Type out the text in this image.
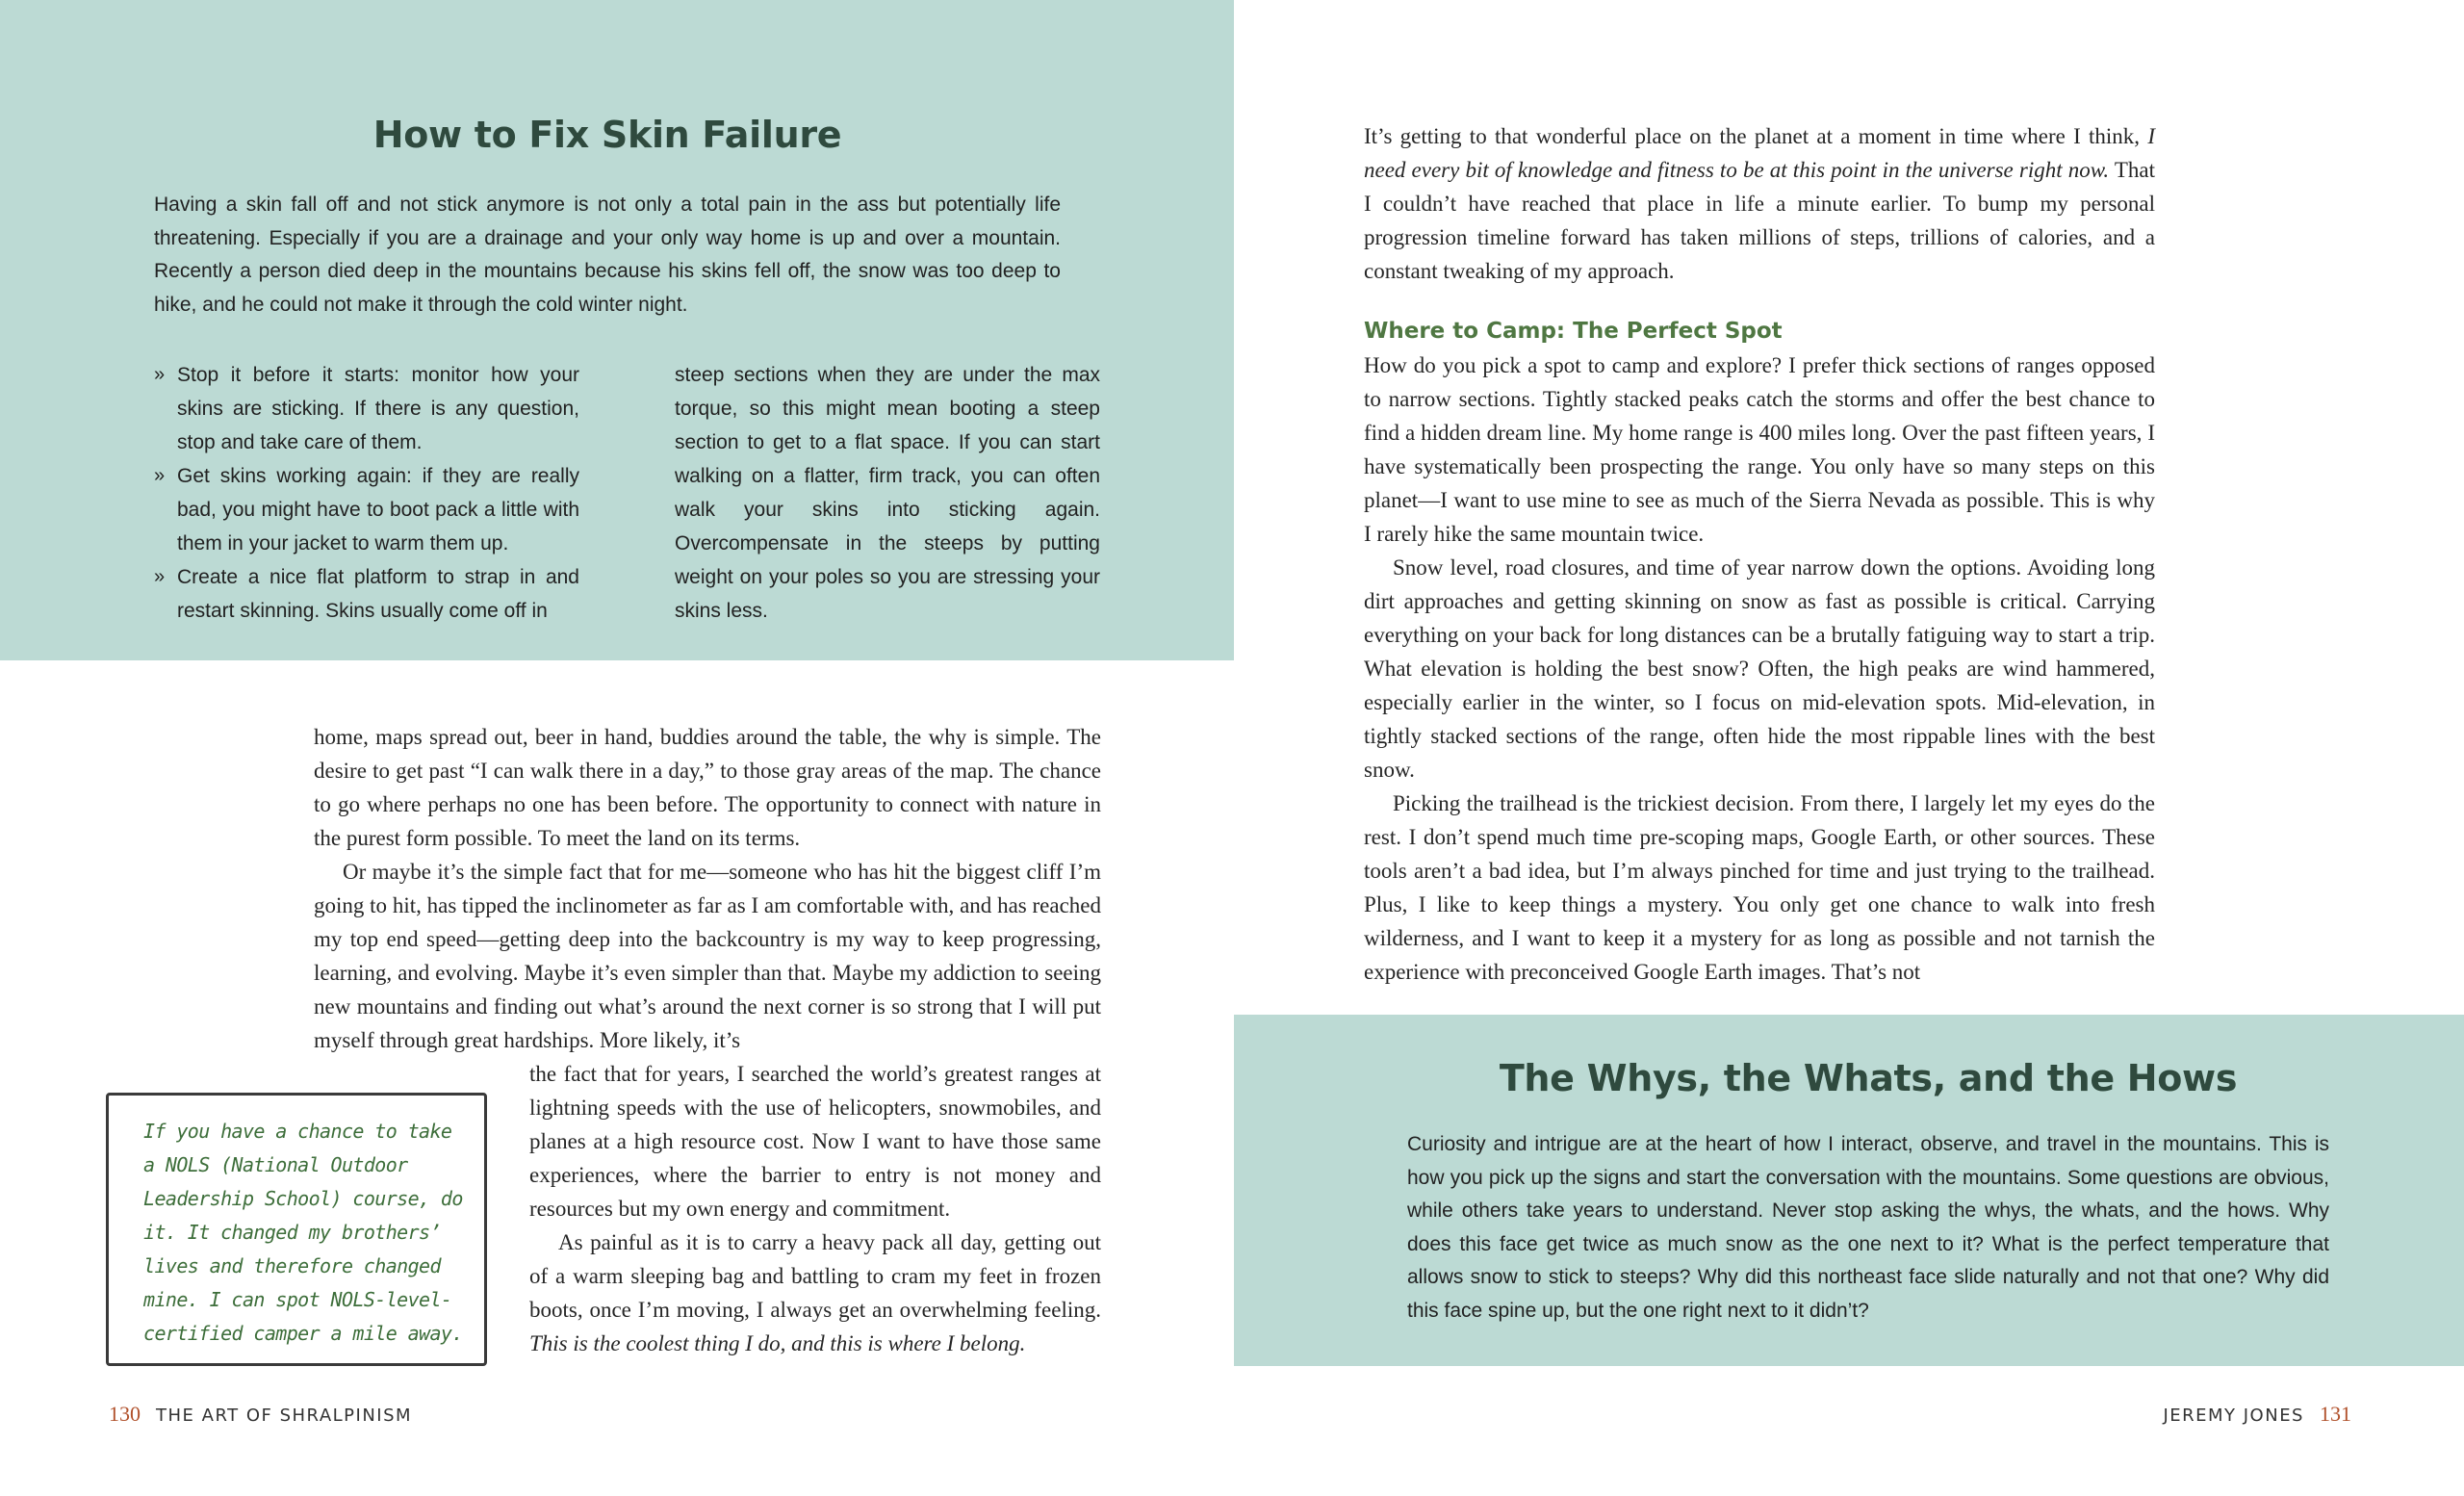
How to Fix Skin Failure

Having a skin fall off and not stick anymore is not only a total pain in the ass but potentially life threatening. Especially if you are a drainage and your only way home is up and over a mountain. Recently a person died deep in the mountains because his skins fell off, the snow was too deep to hike, and he could not make it through the cold winter night.

» Stop it before it starts: monitor how your skins are sticking. If there is any question, stop and take care of them.
» Get skins working again: if they are really bad, you might have to boot pack a little with them in your jacket to warm them up.
» Create a nice flat platform to strap in and restart skinning. Skins usually come off in

steep sections when they are under the max torque, so this might mean booting a steep section to get to a flat space. If you can start walking on a flatter, firm track, you can often walk your skins into sticking again. Overcompensate in the steeps by putting weight on your poles so you are stressing your skins less.

home, maps spread out, beer in hand, buddies around the table, the why is simple. The desire to get past “I can walk there in a day,” to those gray areas of the map. The chance to go where perhaps no one has been before. The opportunity to connect with nature in the purest form possible. To meet the land on its terms.

Or maybe it’s the simple fact that for me—someone who has hit the biggest cliff I’m going to hit, has tipped the inclinometer as far as I am comfortable with, and has reached my top end speed—getting deep into the backcountry is my way to keep progressing, learning, and evolving. Maybe it’s even simpler than that. Maybe my addiction to seeing new mountains and finding out what’s around the next corner is so strong that I will put myself through great hardships. More likely, it’s

If you have a chance to take a NOLS (National Outdoor Leadership School) course, do it. It changed my brothers’ lives and therefore changed mine. I can spot NOLS-level-certified camper a mile away.

the fact that for years, I searched the world’s greatest ranges at lightning speeds with the use of helicopters, snowmobiles, and planes at a high resource cost. Now I want to have those same experiences, where the barrier to entry is not money and resources but my own energy and commitment.

As painful as it is to carry a heavy pack all day, getting out of a warm sleeping bag and battling to cram my feet in frozen boots, once I’m moving, I always get an overwhelming feeling. This is the coolest thing I do, and this is where I belong.

130 THE ART OF SHRALPINISM

It’s getting to that wonderful place on the planet at a moment in time where I think, I need every bit of knowledge and fitness to be at this point in the universe right now. That I couldn’t have reached that place in life a minute earlier. To bump my personal progression timeline forward has taken millions of steps, trillions of calories, and a constant tweaking of my approach.

Where to Camp: The Perfect Spot

How do you pick a spot to camp and explore? I prefer thick sections of ranges opposed to narrow sections. Tightly stacked peaks catch the storms and offer the best chance to find a hidden dream line. My home range is 400 miles long. Over the past fifteen years, I have systematically been prospecting the range. You only have so many steps on this planet—I want to use mine to see as much of the Sierra Nevada as possible. This is why I rarely hike the same mountain twice.

Snow level, road closures, and time of year narrow down the options. Avoiding long dirt approaches and getting skinning on snow as fast as possible is critical. Carrying everything on your back for long distances can be a brutally fatiguing way to start a trip. What elevation is holding the best snow? Often, the high peaks are wind hammered, especially earlier in the winter, so I focus on mid-elevation spots. Mid-elevation, in tightly stacked sections of the range, often hide the most rippable lines with the best snow.

Picking the trailhead is the trickiest decision. From there, I largely let my eyes do the rest. I don’t spend much time pre-scoping maps, Google Earth, or other sources. These tools aren’t a bad idea, but I’m always pinched for time and just trying to the trailhead. Plus, I like to keep things a mystery. You only get one chance to walk into fresh wilderness, and I want to keep it a mystery for as long as possible and not tarnish the experience with preconceived Google Earth images. That’s not

The Whys, the Whats, and the Hows

Curiosity and intrigue are at the heart of how I interact, observe, and travel in the mountains. This is how you pick up the signs and start the conversation with the mountains. Some questions are obvious, while others take years to understand. Never stop asking the whys, the whats, and the hows. Why does this face get twice as much snow as the one next to it? What is the perfect temperature that allows snow to stick to steeps? Why did this northeast face slide naturally and not that one? Why did this face spine up, but the one right next to it didn’t?

JEREMY JONES 131
